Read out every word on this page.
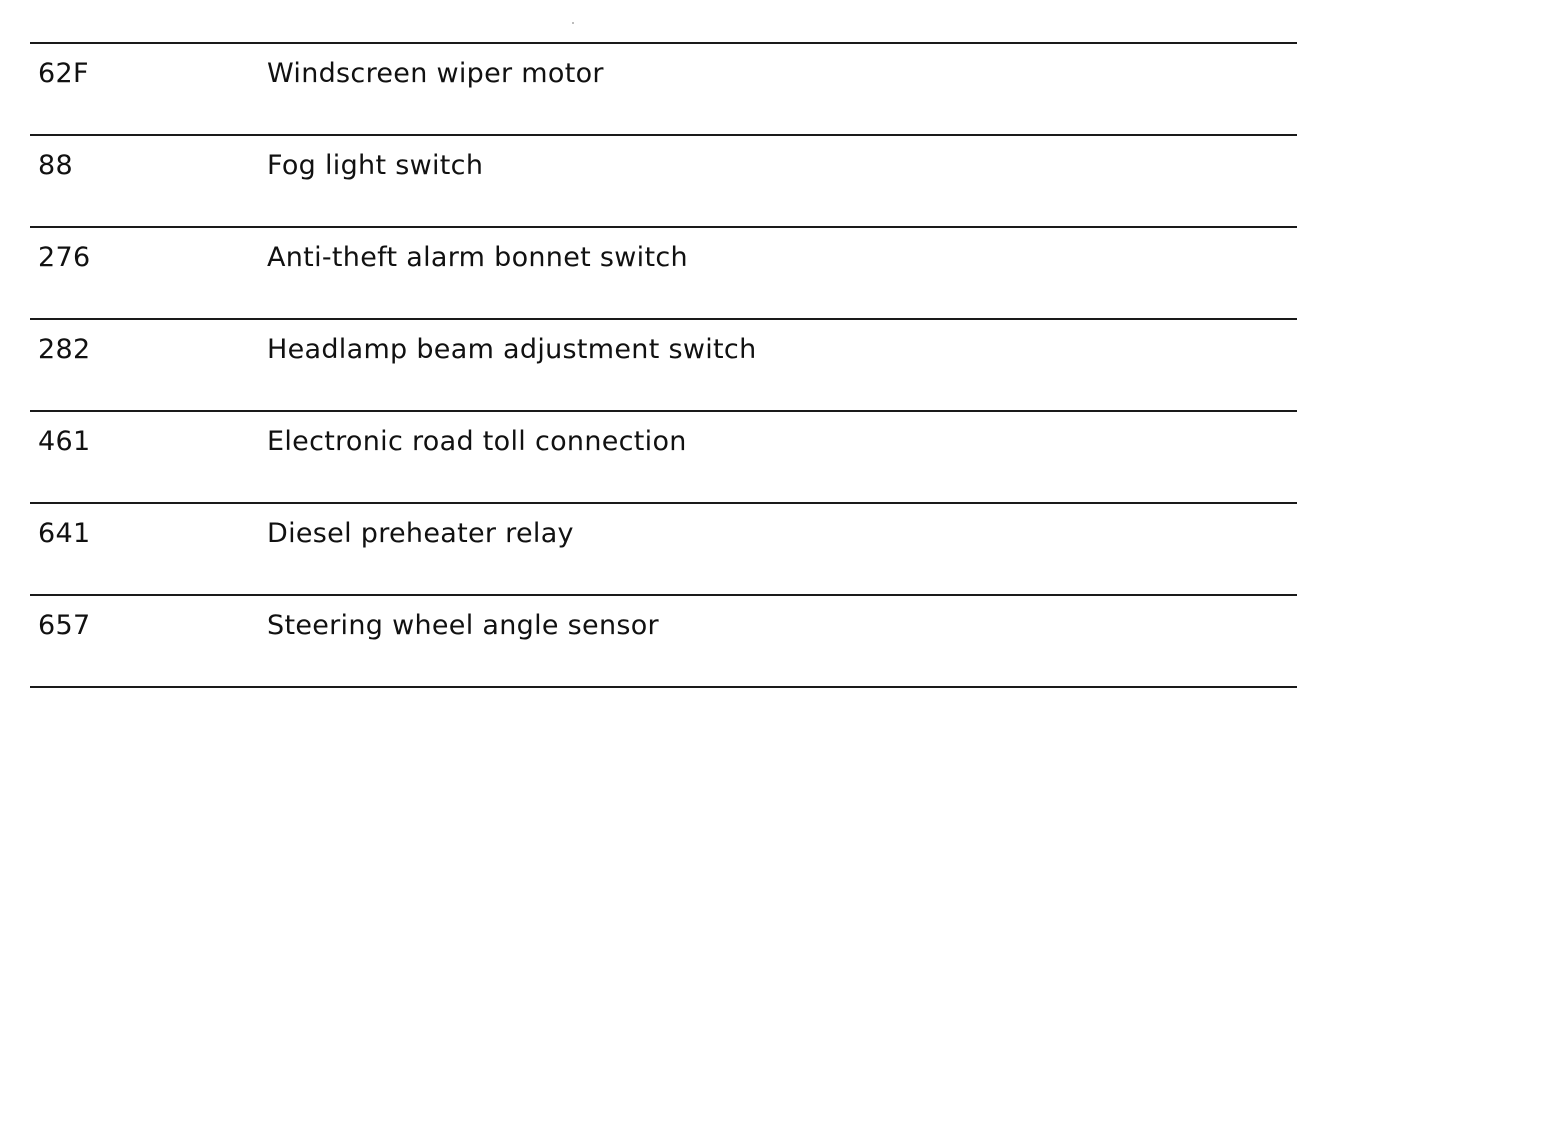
62F	Windscreen wiper motor
88	Fog light switch
276	Anti-theft alarm bonnet switch
282	Headlamp beam adjustment switch
461	Electronic road toll connection
641	Diesel preheater relay
657	Steering wheel angle sensor
